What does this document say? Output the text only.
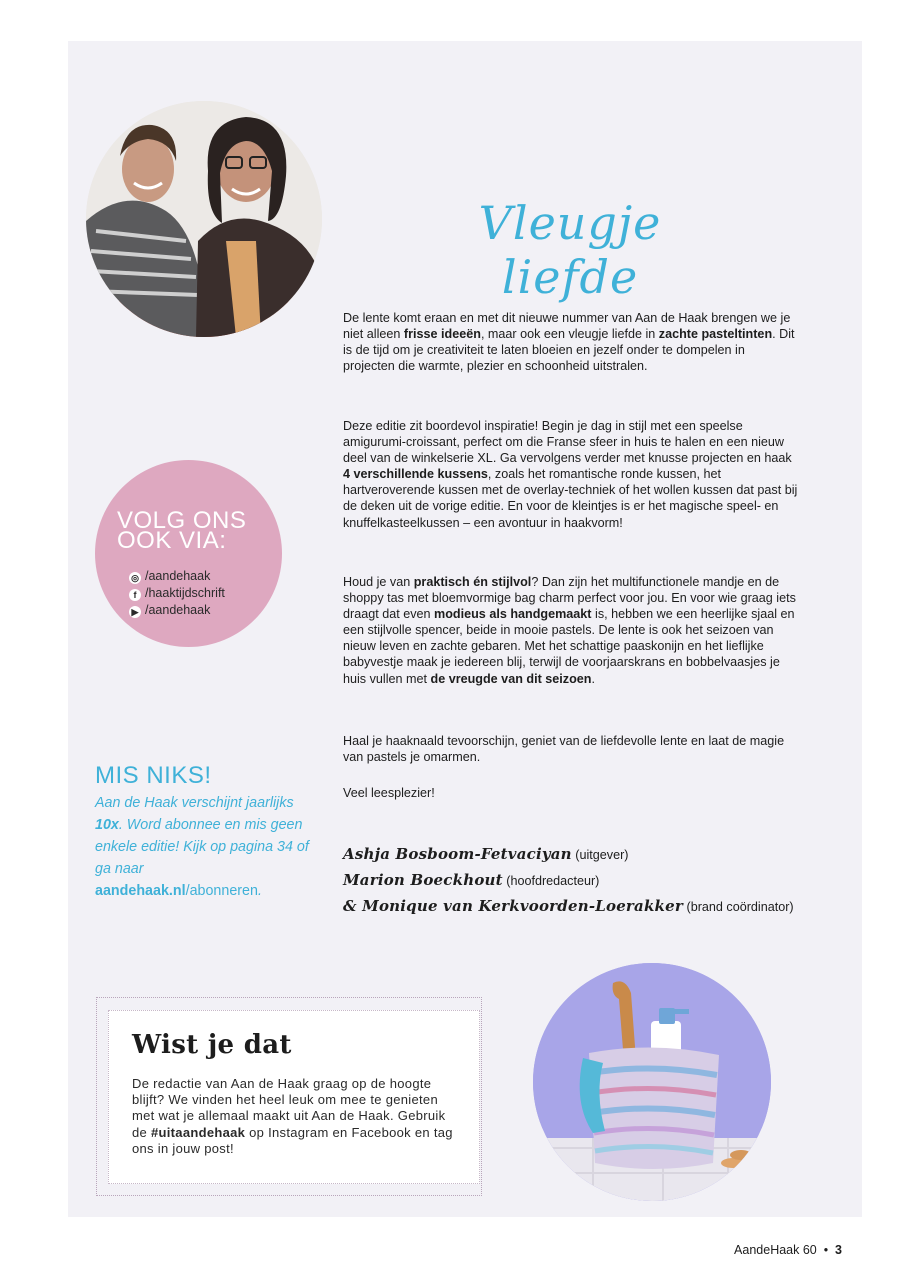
Vleugje liefde

De lente komt eraan en met dit nieuwe nummer van Aan de Haak brengen we je niet alleen frisse ideeën, maar ook een vleugje liefde in zachte pasteltinten. Dit is de tijd om je creativiteit te laten bloeien en jezelf onder te dompelen in projecten die warmte, plezier en schoonheid uitstralen.

Deze editie zit boordevol inspiratie! Begin je dag in stijl met een speelse amigurumi-croissant, perfect om die Franse sfeer in huis te halen en een nieuw deel van de winkelserie XL. Ga vervolgens verder met knusse projecten en haak 4 verschillende kussens, zoals het romantische ronde kussen, het hartveroverende kussen met de overlay-techniek of het wollen kussen dat past bij de deken uit de vorige editie. En voor de kleintjes is er het magische speel- en knuffelkasteelkussen – een avontuur in haakvorm!

Houd je van praktisch én stijlvol? Dan zijn het multifunctionele mandje en de shoppy tas met bloemvormige bag charm perfect voor jou. En voor wie graag iets draagt dat even modieus als handgemaakt is, hebben we een heerlijke sjaal en een stijlvolle spencer, beide in mooie pastels. De lente is ook het seizoen van nieuw leven en zachte gebaren. Met het schattige paaskonijn en het lieflijke babyvestje maak je iedereen blij, terwijl de voorjaarskrans en bobbelvaasjes je huis vullen met de vreugde van dit seizoen.

Haal je haaknaald tevoorschijn, geniet van de liefdevolle lente en laat de magie van pastels je omarmen.

Veel leesplezier!

Ashja Bosboom-Fetvaciyan (uitgever)
Marion Boeckhout (hoofdredacteur)
& Monique van Kerkvoorden-Loerakker (brand coördinator)
VOLG ONS
OOK VIA:
◎ /aandehaak
f /haaktijdschrift
▶ /aandehaak
MIS NIKS!
Aan de Haak verschijnt jaarlijks 10x. Word abonnee en mis geen enkele editie! Kijk op pagina 34 of ga naar aandehaak.nl/abonneren.
Wist je dat
De redactie van Aan de Haak graag op de hoogte blijft? We vinden het heel leuk om mee te genieten met wat je allemaal maakt uit Aan de Haak. Gebruik de #uitaandehaak op Instagram en Facebook en tag ons in jouw post!
AandeHaak 60 • 3
